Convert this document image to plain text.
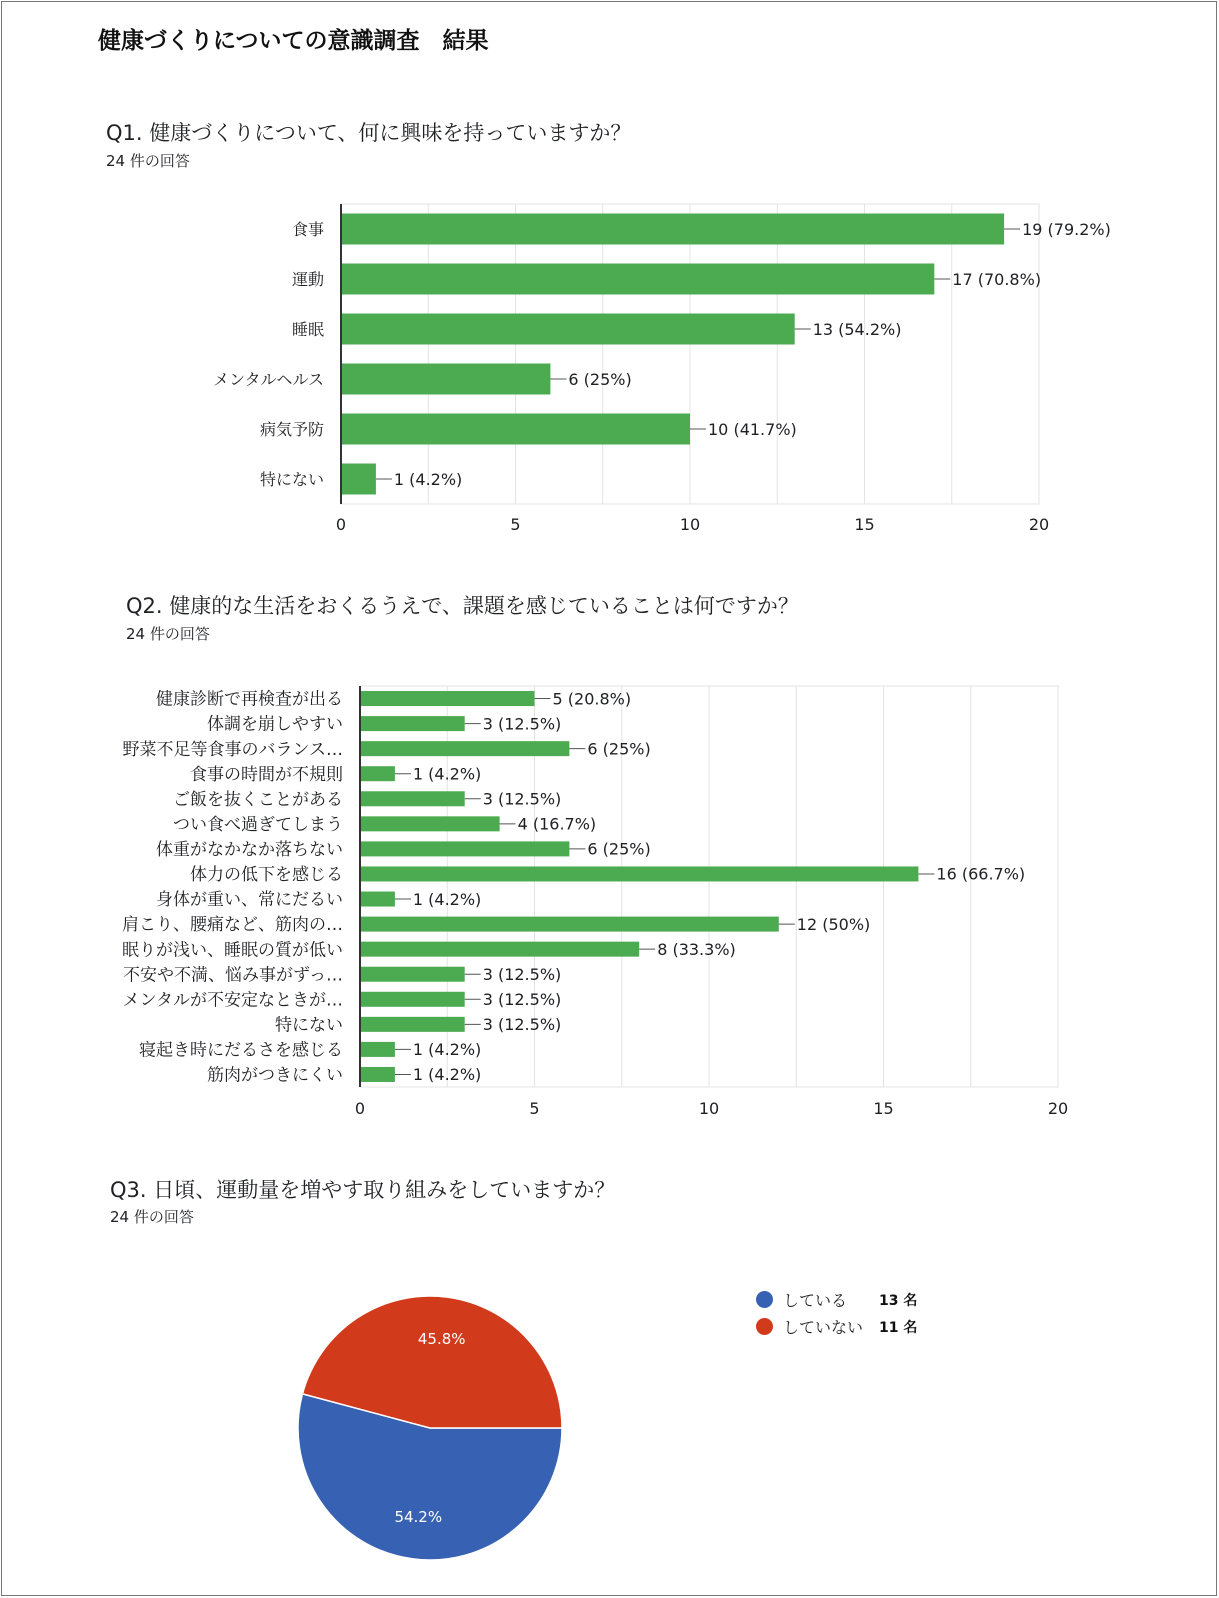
健康づくりについての意識調査　結果
Q1. 健康づくりについて、何に興味を持っていますか？
24 件の回答
0	5	10	15	20
食事	19 (79.2%)
運動	17 (70.8%)
睡眠	13 (54.2%)
メンタルヘルス	6 (25%)
病気予防	10 (41.7%)
特にない	1 (4.2%)
Q2. 健康的な生活をおくるうえで、課題を感じていることは何ですか？
24 件の回答
0	5	10	15	20
健康診断で再検査が出る	5 (20.8%)
体調を崩しやすい	3 (12.5%)
野菜不足等食事のバランス…	6 (25%)
食事の時間が不規則	1 (4.2%)
ご飯を抜くことがある	3 (12.5%)
つい食べ過ぎてしまう	4 (16.7%)
体重がなかなか落ちない	6 (25%)
体力の低下を感じる	16 (66.7%)
身体が重い、常にだるい	1 (4.2%)
肩こり、腰痛など、筋肉の…	12 (50%)
眠りが浅い、睡眠の質が低い	8 (33.3%)
不安や不満、悩み事がずっ…	3 (12.5%)
メンタルが不安定なときが…	3 (12.5%)
特にない	3 (12.5%)
寝起き時にだるさを感じる	1 (4.2%)
筋肉がつきにくい	1 (4.2%)
Q3. 日頃、運動量を増やす取り組みをしていますか？
24 件の回答
54.2%
45.8%
している	13 名
していない	11 名
